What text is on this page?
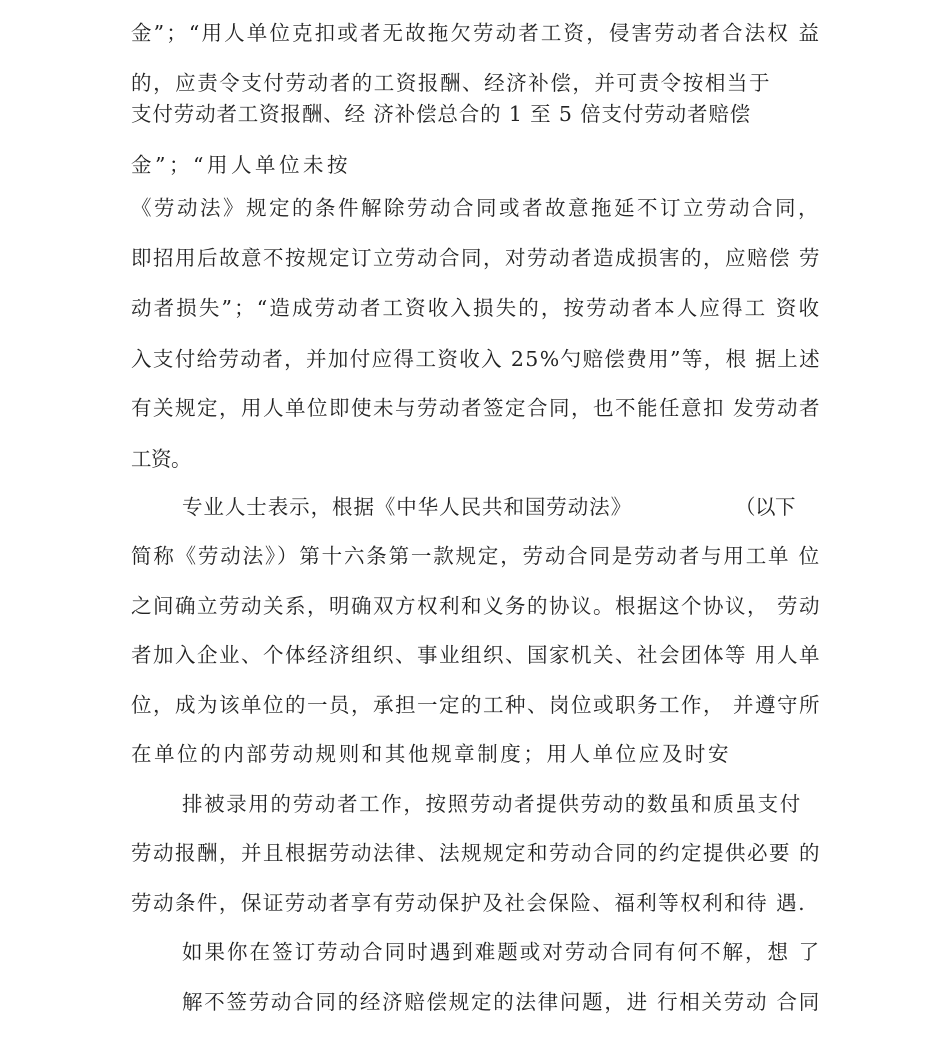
金”；“用人单位克扣或者无故拖欠劳动者工资，侵害劳动者合法权 益
的，应责令支付劳动者的工资报酬、经济补偿，并可责令按相当于
支付劳动者工资报酬、经 济补偿总合的 1 至 5 倍支付劳动者赔偿
金”；“用人单位未按
《劳动法》规定的条件解除劳动合同或者故意拖延不订立劳动合同，
即招用后故意不按规定订立劳动合同，对劳动者造成损害的，应赔偿 劳
动者损失”；“造成劳动者工资收入损失的，按劳动者本人应得工 资收
入支付给劳动者，并加付应得工资收入 25%勺赔偿费用”等，根 据上述
有关规定，用人单位即使未与劳动者签定合同，也不能任意扣 发劳动者
工资。
专业人士表示，根据《中华人民共和国劳动法》	（以下
简称《劳动法》）第十六条第一款规定，劳动合同是劳动者与用工单 位
之间确立劳动关系，明确双方权利和义务的协议。根据这个协议， 劳动
者加入企业、个体经济组织、事业组织、国家机关、社会团体等 用人单
位，成为该单位的一员，承担一定的工种、岗位或职务工作， 并遵守所
在单位的内部劳动规则和其他规章制度；用人单位应及时安
排被录用的劳动者工作，按照劳动者提供劳动的数虽和质虽支付
劳动报酬，并且根据劳动法律、法规规定和劳动合同的约定提供必要 的
劳动条件，保证劳动者享有劳动保护及社会保险、福利等权利和待 遇.
如果你在签订劳动合同时遇到难题或对劳动合同有何不解，想 了
解不签劳动合同的经济赔偿规定的法律问题，进 行相关劳动 合同
